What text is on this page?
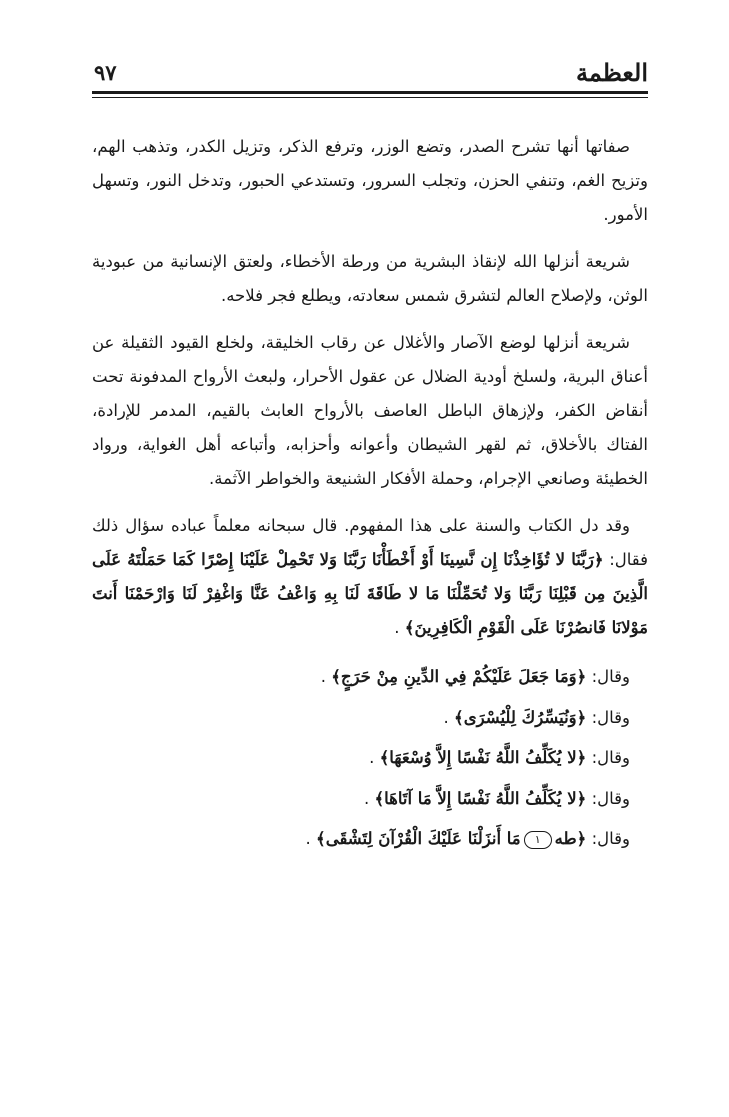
العظمة
٩٧

صفاتها أنها تشرح الصدر، وتضع الوزر، وترفع الذكر، وتزيل الكدر، وتذهب الهم، وتزيح الغم، وتنفي الحزن، وتجلب السرور، وتستدعي الحبور، وتدخل النور، وتسهل الأمور.

شريعة أنزلها الله لإنقاذ البشرية من ورطة الأخطاء، ولعتق الإنسانية من عبودية الوثن، ولإصلاح العالم لتشرق شمس سعادته، ويطلع فجر فلاحه.

شريعة أنزلها لوضع الآصار والأغلال عن رقاب الخليقة، ولخلع القيود الثقيلة عن أعناق البرية، ولسلخ أودية الضلال عن عقول الأحرار، ولبعث الأرواح المدفونة تحت أنقاض الكفر، ولإزهاق الباطل العاصف بالأرواح العابث بالقيم، المدمر للإرادة، الفتاك بالأخلاق، ثم لقهر الشيطان وأعوانه وأحزابه، وأتباعه أهل الغواية، ورواد الخطيئة وصانعي الإجرام، وحملة الأفكار الشنيعة والخواطر الآثمة.

وقد دل الكتاب والسنة على هذا المفهوم. قال سبحانه معلماً عباده سؤال ذلك فقال: ﴿رَبَّنَا لا تُؤَاخِذْنَا إِن نَّسِينَا أَوْ أَخْطَأْنَا رَبَّنَا وَلا تَحْمِلْ عَلَيْنَا إِصْرًا كَمَا حَمَلْتَهُ عَلَى الَّذِينَ مِن قَبْلِنَا رَبَّنَا وَلا تُحَمِّلْنَا مَا لا طَاقَةَ لَنَا بِهِ وَاعْفُ عَنَّا وَاغْفِرْ لَنَا وَارْحَمْنَا أَنتَ مَوْلانَا فَانصُرْنَا عَلَى الْقَوْمِ الْكَافِرِينَ﴾ .

وقال: ﴿وَمَا جَعَلَ عَلَيْكُمْ فِي الدِّينِ مِنْ حَرَجٍ﴾ .

وقال: ﴿وَنُيَسِّرُكَ لِلْيُسْرَى﴾ .

وقال: ﴿لا يُكَلِّفُ اللَّهُ نَفْسًا إِلاَّ وُسْعَهَا﴾ .

وقال: ﴿لا يُكَلِّفُ اللَّهُ نَفْسًا إِلاَّ مَا آتَاهَا﴾ .

وقال: ﴿طه١مَا أَنزَلْنَا عَلَيْكَ الْقُرْآنَ لِتَشْقَى﴾ .
